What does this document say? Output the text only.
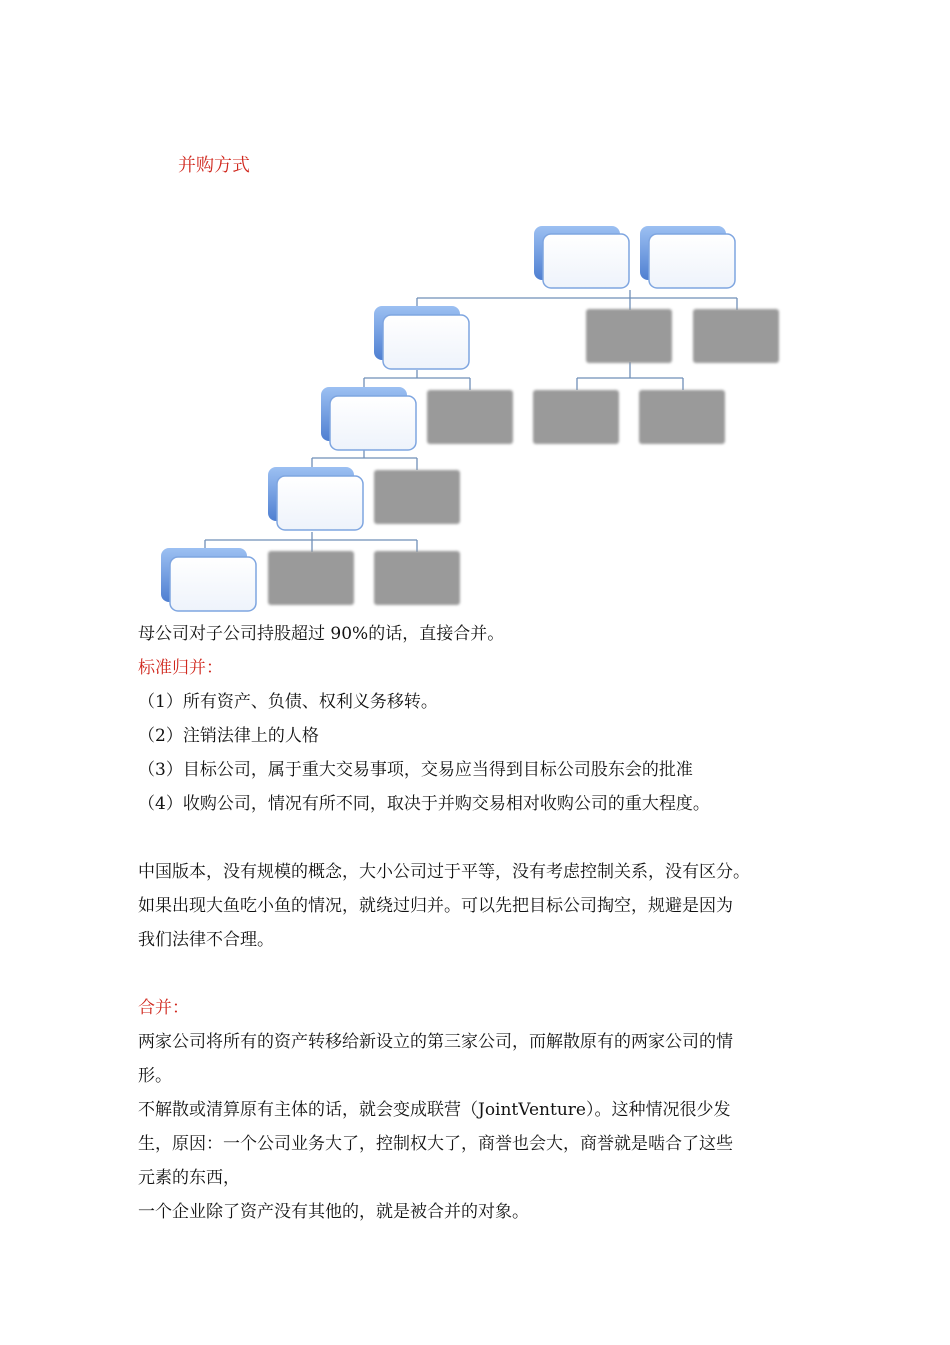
并购方式
母公司对子公司持股超过 90%的话，直接合并。
标准归并：
（1）所有资产、负债、权利义务移转。
（2）注销法律上的人格
（3）目标公司，属于重大交易事项，交易应当得到目标公司股东会的批准
（4）收购公司，情况有所不同，取决于并购交易相对收购公司的重大程度。
中国版本，没有规模的概念，大小公司过于平等，没有考虑控制关系，没有区分。
如果出现大鱼吃小鱼的情况，就绕过归并。可以先把目标公司掏空，规避是因为
我们法律不合理。
合并：
两家公司将所有的资产转移给新设立的第三家公司，而解散原有的两家公司的情
形。
不解散或清算原有主体的话，就会变成联营（JointVenture）。这种情况很少发
生，原因：一个公司业务大了，控制权大了，商誉也会大，商誉就是啮合了这些
元素的东西，
一个企业除了资产没有其他的，就是被合并的对象。
